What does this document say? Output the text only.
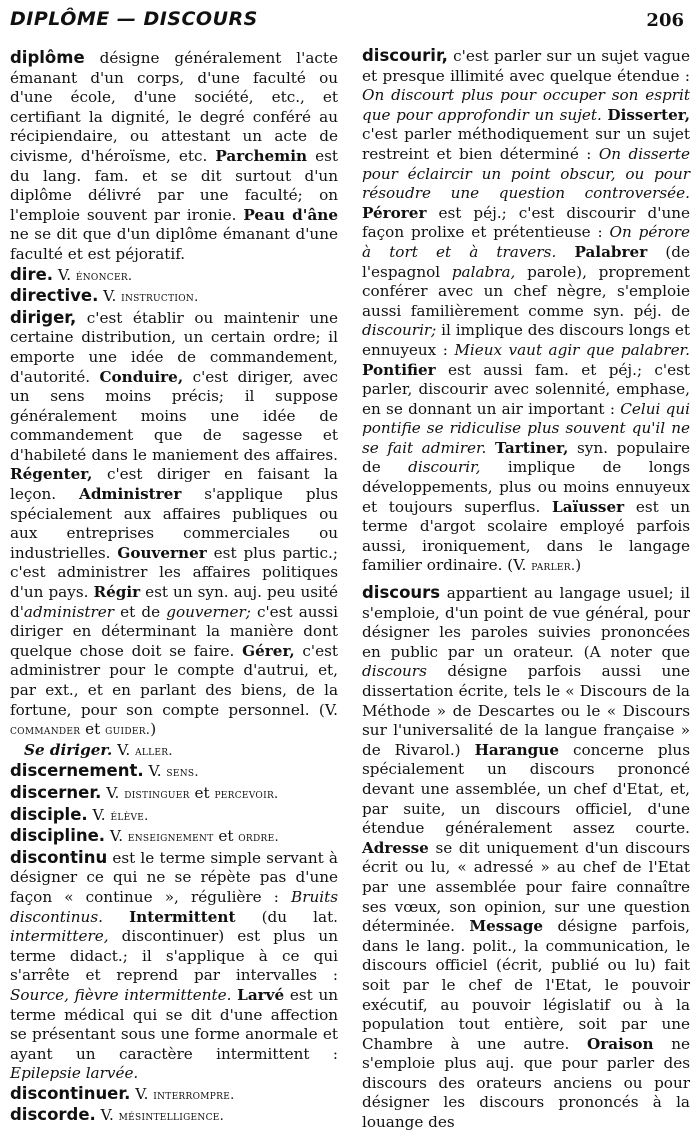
DIPLÔME — DISCOURS	206

diplôme désigne généralement l'acte émanant d'un corps, d'une faculté ou d'une école, d'une société, etc., et certifiant la dignité, le degré conféré au récipiendaire, ou attestant un acte de civisme, d'héroïsme, etc. Parchemin est du lang. fam. et se dit surtout d'un diplôme délivré par une faculté; on l'emploie souvent par ironie. Peau d'âne ne se dit que d'un diplôme émanant d'une faculté et est péjoratif.

dire. V. énoncer.

directive. V. instruction.

diriger, c'est établir ou maintenir une certaine distribution, un certain ordre; il emporte une idée de commandement, d'autorité. Conduire, c'est diriger, avec un sens moins précis; il suppose généralement moins une idée de commandement que de sagesse et d'habileté dans le maniement des affaires. Régenter, c'est diriger en faisant la leçon. Administrer s'applique plus spécialement aux affaires publiques ou aux entreprises commerciales ou industrielles. Gouverner est plus partic.; c'est administrer les affaires politiques d'un pays. Régir est un syn. auj. peu usité d'administrer et de gouverner; c'est aussi diriger en déterminant la manière dont quelque chose doit se faire. Gérer, c'est administrer pour le compte d'autrui, et, par ext., et en parlant des biens, de la fortune, pour son compte personnel. (V. commander et guider.)

Se diriger. V. aller.

discernement. V. sens.

discerner. V. distinguer et percevoir.

disciple. V. élève.

discipline. V. enseignement et ordre.

discontinu est le terme simple servant à désigner ce qui ne se répète pas d'une façon « continue », régulière : Bruits discontinus. Intermittent (du lat. intermittere, discontinuer) est plus un terme didact.; il s'applique à ce qui s'arrête et reprend par intervalles : Source, fièvre intermittente. Larvé est un terme médical qui se dit d'une affection se présentant sous une forme anormale et ayant un caractère intermittent : Epilepsie larvée.

discontinuer. V. interrompre.

discorde. V. mésintelligence.

discourir, c'est parler sur un sujet vague et presque illimité avec quelque étendue : On discourt plus pour occuper son esprit que pour approfondir un sujet. Disserter, c'est parler méthodiquement sur un sujet restreint et bien déterminé : On disserte pour éclaircir un point obscur, ou pour résoudre une question controversée. Pérorer est péj.; c'est discourir d'une façon prolixe et prétentieuse : On pérore à tort et à travers. Palabrer (de l'espagnol palabra, parole), proprement conférer avec un chef nègre, s'emploie aussi familièrement comme syn. péj. de discourir; il implique des discours longs et ennuyeux : Mieux vaut agir que palabrer. Pontifier est aussi fam. et péj.; c'est parler, discourir avec solennité, emphase, en se donnant un air important : Celui qui pontifie se ridiculise plus souvent qu'il ne se fait admirer. Tartiner, syn. populaire de discourir, implique de longs développements, plus ou moins ennuyeux et toujours superflus. Laïusser est un terme d'argot scolaire employé parfois aussi, ironiquement, dans le langage familier ordinaire. (V. parler.)

discours appartient au langage usuel; il s'emploie, d'un point de vue général, pour désigner les paroles suivies prononcées en public par un orateur. (A noter que discours désigne parfois aussi une dissertation écrite, tels le « Discours de la Méthode » de Descartes ou le « Discours sur l'universalité de la langue française » de Rivarol.) Harangue concerne plus spécialement un discours prononcé devant une assemblée, un chef d'Etat, et, par suite, un discours officiel, d'une étendue généralement assez courte. Adresse se dit uniquement d'un discours écrit ou lu, « adressé » au chef de l'Etat par une assemblée pour faire connaître ses vœux, son opinion, sur une question déterminée. Message désigne parfois, dans le lang. polit., la communication, le discours officiel (écrit, publié ou lu) fait soit par le chef de l'Etat, le pouvoir exécutif, au pouvoir législatif ou à la population tout entière, soit par une Chambre à une autre. Oraison ne s'emploie plus auj. que pour parler des discours des orateurs anciens ou pour désigner les discours prononcés à la louange des
